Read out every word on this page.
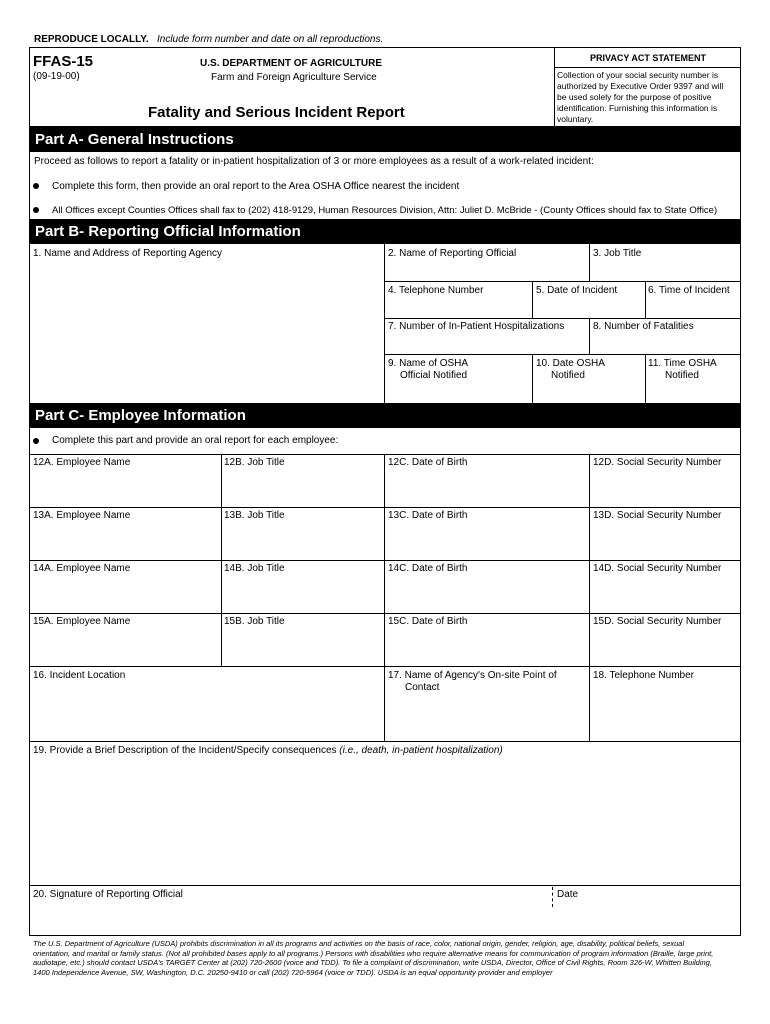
REPRODUCE LOCALLY. Include form number and date on all reproductions.
FFAS-15
(09-19-00)
U.S. DEPARTMENT OF AGRICULTURE
Farm and Foreign Agriculture Service
Fatality and Serious Incident Report
PRIVACY ACT STATEMENT
Collection of your social security number is
authorized by Executive Order 9397 and will
be used solely for the purpose of positive
identification. Furnishing this information is
voluntary.
Part A- General Instructions
Proceed as follows to report a fatality or in-patient hospitalization of 3 or more employees as a result of a work-related incident:
Complete this form, then provide an oral report to the Area OSHA Office nearest the incident
All Offices except Counties Offices shall fax to (202) 418-9129, Human Resources Division, Attn: Juliet D. McBride - (County Offices should fax to State Office)
Part B- Reporting Official Information
1. Name and Address of Reporting Agency	2. Name of Reporting Official	3. Job Title
4. Telephone Number	5. Date of Incident	6. Time of Incident
7. Number of In-Patient Hospitalizations	8. Number of Fatalities
9. Name of OSHA
Official Notified
10. Date OSHA
Notified
11. Time OSHA
Notified
Part C- Employee Information
Complete this part and provide an oral report for each employee:
12A. Employee Name	12B. Job Title	12C. Date of Birth	12D. Social Security Number
13A. Employee Name	13B. Job Title	13C. Date of Birth	13D. Social Security Number
14A. Employee Name	14B. Job Title	14C. Date of Birth	14D. Social Security Number
15A. Employee Name	15B. Job Title	15C. Date of Birth	15D. Social Security Number
16. Incident Location	17. Name of Agency's On-site Point of
Contact
18. Telephone Number
19. Provide a Brief Description of the Incident/Specify consequences (i.e., death, in-patient hospitalization)
20. Signature of Reporting Official	Date
The U.S. Department of Agriculture (USDA) prohibits discrimination in all its programs and activities on the basis of race, color, national origin, gender, religion, age, disability, political beliefs, sexual
orientation, and marital or family status. (Not all prohibited bases apply to all programs.) Persons with disabilities who require alternative means for communication of program information (Braille, large print,
audiotape, etc.) should contact USDA's TARGET Center at (202) 720-2600 (voice and TDD). To file a complaint of discrimination, write USDA, Director, Office of Civil Rights, Room 326-W, Whitten Building,
1400 Independence Avenue, SW, Washington, D.C. 20250-9410 or call (202) 720-5964 (voice or TDD). USDA is an equal opportunity provider and employer
